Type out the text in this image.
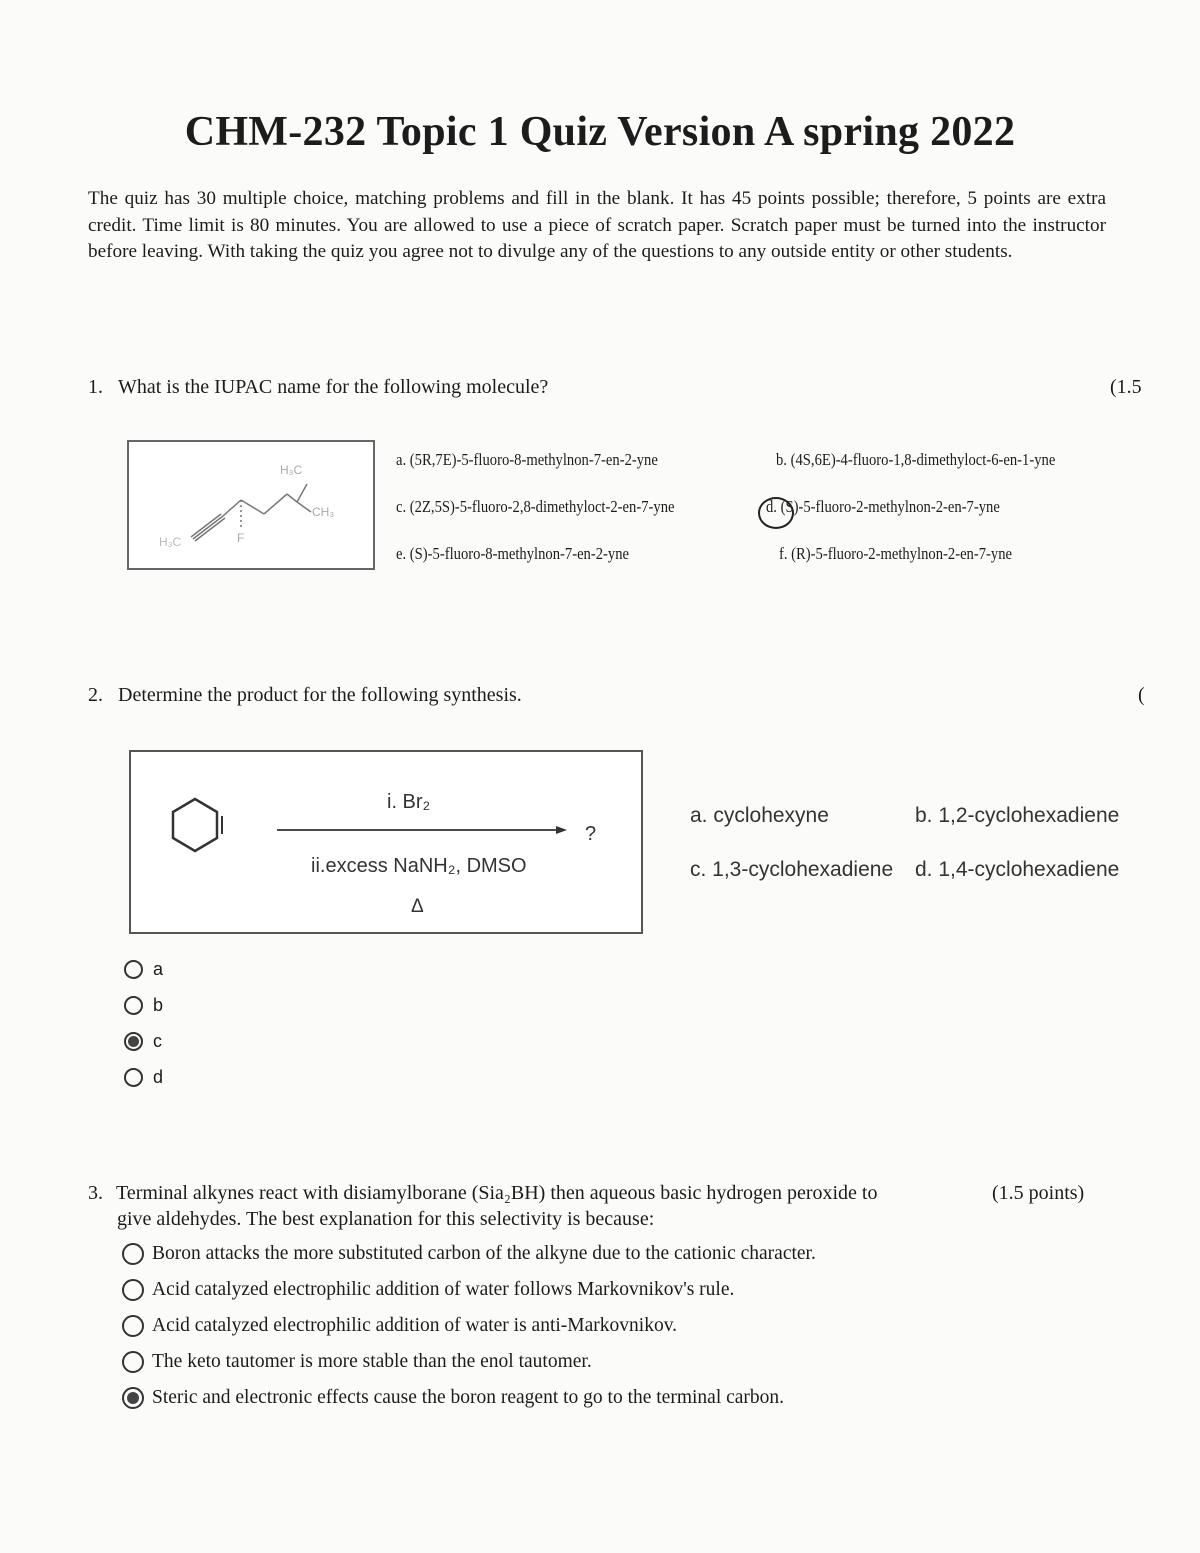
CHM-232 Topic 1 Quiz Version A spring 2022
The quiz has 30 multiple choice, matching problems and fill in the blank. It has 45 points possible; therefore, 5 points are extra credit. Time limit is 80 minutes. You are allowed to use a piece of scratch paper. Scratch paper must be turned into the instructor before leaving. With taking the quiz you agree not to divulge any of the questions to any outside entity or other students.
1. What is the IUPAC name for the following molecule?	(1.5
H₃C
CH₃
H₃C	F
a. (5R,7E)-5-fluoro-8-methylnon-7-en-2-yne	b. (4S,6E)-4-fluoro-1,8-dimethyloct-6-en-1-yne
c. (2Z,5S)-5-fluoro-2,8-dimethyloct-2-en-7-yne	d. (S)-5-fluoro-2-methylnon-2-en-7-yne
e. (S)-5-fluoro-8-methylnon-7-en-2-yne	f. (R)-5-fluoro-2-methylnon-2-en-7-yne
2. Determine the product for the following synthesis.	(
i. Br₂
ii.excess NaNH₂, DMSO
Δ
?
a. cyclohexyne	b. 1,2-cyclohexadiene
c. 1,3-cyclohexadiene d. 1,4-cyclohexadiene
a
b
c
d
3. Terminal alkynes react with disiamylborane (Sia₂BH) then aqueous basic hydrogen peroxide to	(1.5 points)
give aldehydes. The best explanation for this selectivity is because:
Boron attacks the more substituted carbon of the alkyne due to the cationic character.
Acid catalyzed electrophilic addition of water follows Markovnikov's rule.
Acid catalyzed electrophilic addition of water is anti-Markovnikov.
The keto tautomer is more stable than the enol tautomer.
Steric and electronic effects cause the boron reagent to go to the terminal carbon.
